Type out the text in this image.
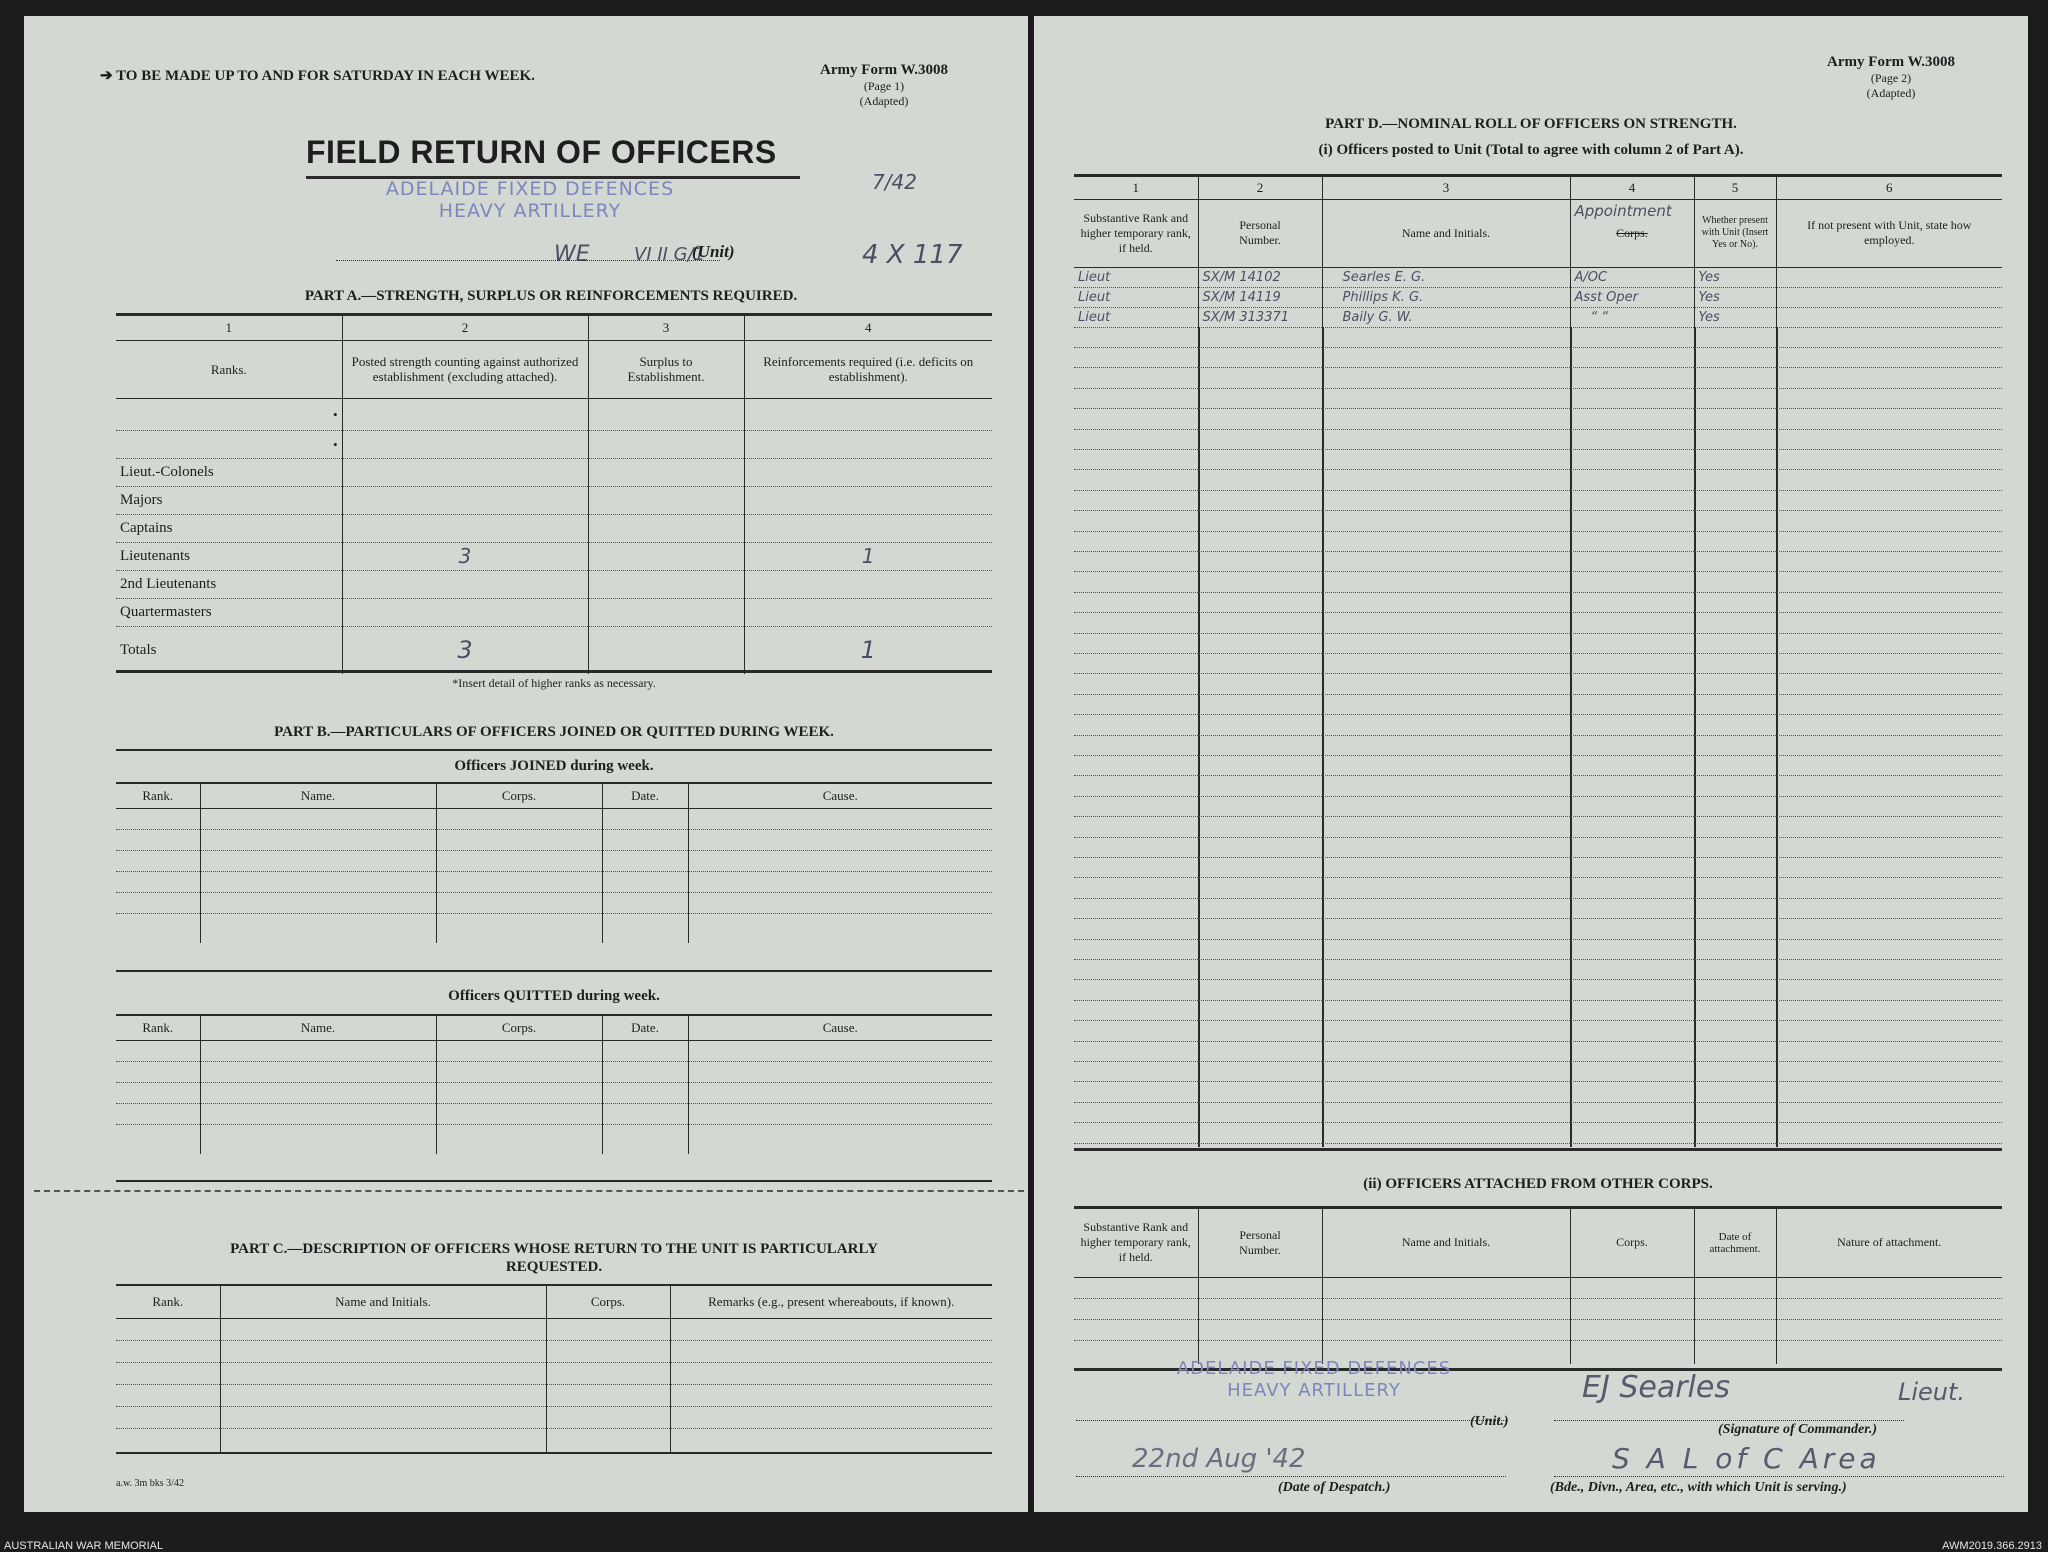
➔ TO BE MADE UP TO AND FOR SATURDAY IN EACH WEEK.	Army Form W.3008
(Page 1)
(Adapted)
FIELD RETURN OF OFFICERS
ADELAIDE FIXED DEFENCES
HEAVY ARTILLERY
7/42
WE VI II G/1	4 X 117
(Unit)
PART A.—STRENGTH, SURPLUS OR REINFORCEMENTS REQUIRED.
1	2	3	4
Ranks.	Posted strength counting against authorized establishment (excluding attached).	Surplus to Establishment.	Reinforcements required (i.e. deficits on establishment).

•			

•			

Lieut.-Colonels			
Majors			
Captains			
Lieutenants	3		1
2nd Lieutenants			
Quartermasters			
Totals	3		1
*Insert detail of higher ranks as necessary.
PART B.—PARTICULARS OF OFFICERS JOINED OR QUITTED DURING WEEK.
Officers JOINED during week.
Rank.	Name.	Corps.	Date.	Cause.

Officers QUITTED during week.
Rank.	Name.	Corps.	Date.	Cause.

PART C.—DESCRIPTION OF OFFICERS WHOSE RETURN TO THE UNIT IS PARTICULARLY
REQUESTED.
Rank.	Name and Initials.	Corps.	Remarks (e.g., present whereabouts, if known).

a.w. 3m bks 3/42
Army Form W.3008
(Page 2)
(Adapted)
PART D.—NOMINAL ROLL OF OFFICERS ON STRENGTH.
(i) Officers posted to Unit (Total to agree with column 2 of Part A).
1	2	3	4	5	6
Substantive Rank and higher temporary rank, if held.	Personal Number.	Name and Initials.	Appointment
Corps.	Whether present with Unit (Insert Yes or No).	If not present with Unit, state how employed.
Lieut	SX/M 14102	Searles E. G.	A/OC	Yes	
Lieut	SX/M 14119	Phillips K. G.	Asst Oper	Yes	
Lieut	SX/M 313371	Baily G. W.	“ “	Yes	
(ii) OFFICERS ATTACHED FROM OTHER CORPS.
Substantive Rank and higher temporary rank, if held.	Personal Number.	Name and Initials.	Corps.	Date of attachment.	Nature of attachment.

ADELAIDE FIXED DEFENCES
HEAVY ARTILLERY
(Unit.)
EJ Searles	Lieut.
(Signature of Commander.)
22nd Aug '42
(Date of Despatch.)
S A L of C Area
(Bde., Divn., Area, etc., with which Unit is serving.)
AUSTRALIAN WAR MEMORIAL	AWM2019.366.2913
